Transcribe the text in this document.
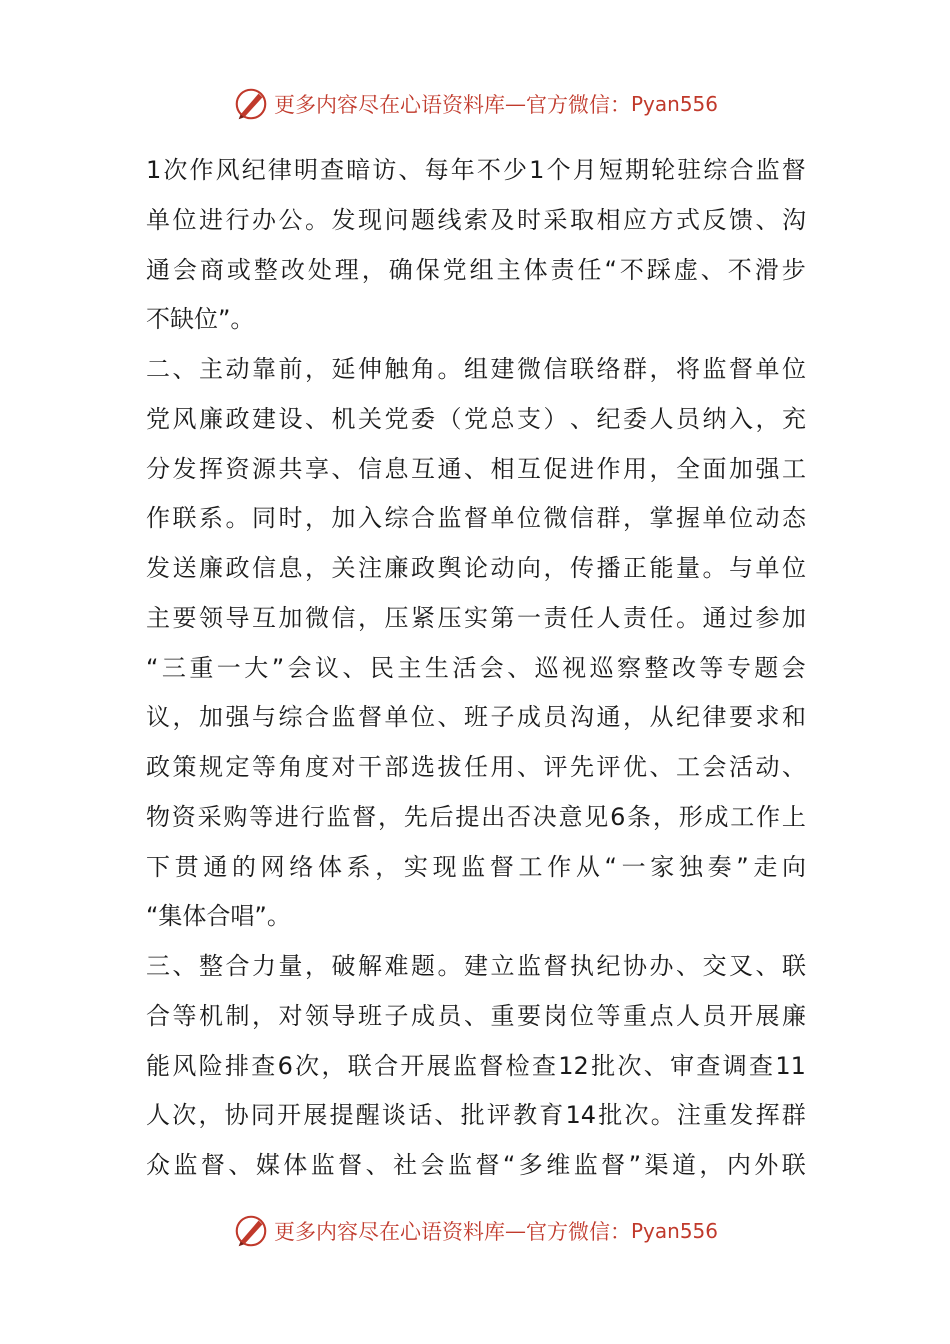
更多内容尽在心语资料库 — 官方微信： Pyan556
1 次 作 风 纪 律 明 查 暗 访 、 每 年 不 少 1 个 月 短 期 轮 驻 综 合 监 督
单 位 进 行 办 公 。 发 现 问 题 线 索 及 时 采 取 相 应 方 式 反 馈 、 沟
通 会 商 或 整 改 处 理 ， 确 保 党 组 主 体 责 任 “ 不 踩 虚 、 不 滑 步
不缺位”。
二 、 主 动 靠 前 ， 延 伸 触 角 。 组 建 微 信 联 络 群 ， 将 监 督 单 位
党 风 廉 政 建 设 、 机 关 党 委 （ 党 总 支 ） 、 纪 委 人 员 纳 入 ， 充
分 发 挥 资 源 共 享 、 信 息 互 通 、 相 互 促 进 作 用 ， 全 面 加 强 工
作 联 系 。 同 时 ， 加 入 综 合 监 督 单 位 微 信 群 ， 掌 握 单 位 动 态
发 送 廉 政 信 息 ， 关 注 廉 政 舆 论 动 向 ， 传 播 正 能 量 。 与 单 位
主 要 领 导 互 加 微 信 ， 压 紧 压 实 第 一 责 任 人 责 任 。 通 过 参 加
“ 三 重 一 大 ” 会 议 、 民 主 生 活 会 、 巡 视 巡 察 整 改 等 专 题 会
议 ， 加 强 与 综 合 监 督 单 位 、 班 子 成 员 沟 通 ， 从 纪 律 要 求 和
政 策 规 定 等 角 度 对 干 部 选 拔 任 用 、 评 先 评 优 、 工 会 活 动 、
物 资 采 购 等 进 行 监 督 ， 先 后 提 出 否 决 意 见 6 条 ， 形 成 工 作 上
下 贯 通 的 网 络 体 系 ， 实 现 监 督 工 作 从 “ 一 家 独 奏 ” 走 向
“集体合唱”。
三 、 整 合 力 量 ， 破 解 难 题 。 建 立 监 督 执 纪 协 办 、 交 叉 、 联
合 等 机 制 ， 对 领 导 班 子 成 员 、 重 要 岗 位 等 重 点 人 员 开 展 廉
能 风 险 排 查 6 次 ， 联 合 开 展 监 督 检 查 12 批 次 、 审 查 调 查 11
人 次 ， 协 同 开 展 提 醒 谈 话 、 批 评 教 育 14 批 次 。 注 重 发 挥 群
众 监 督 、 媒 体 监 督 、 社 会 监 督 “ 多 维 监 督 ” 渠 道 ， 内 外 联
更多内容尽在心语资料库 — 官方微信： Pyan556
